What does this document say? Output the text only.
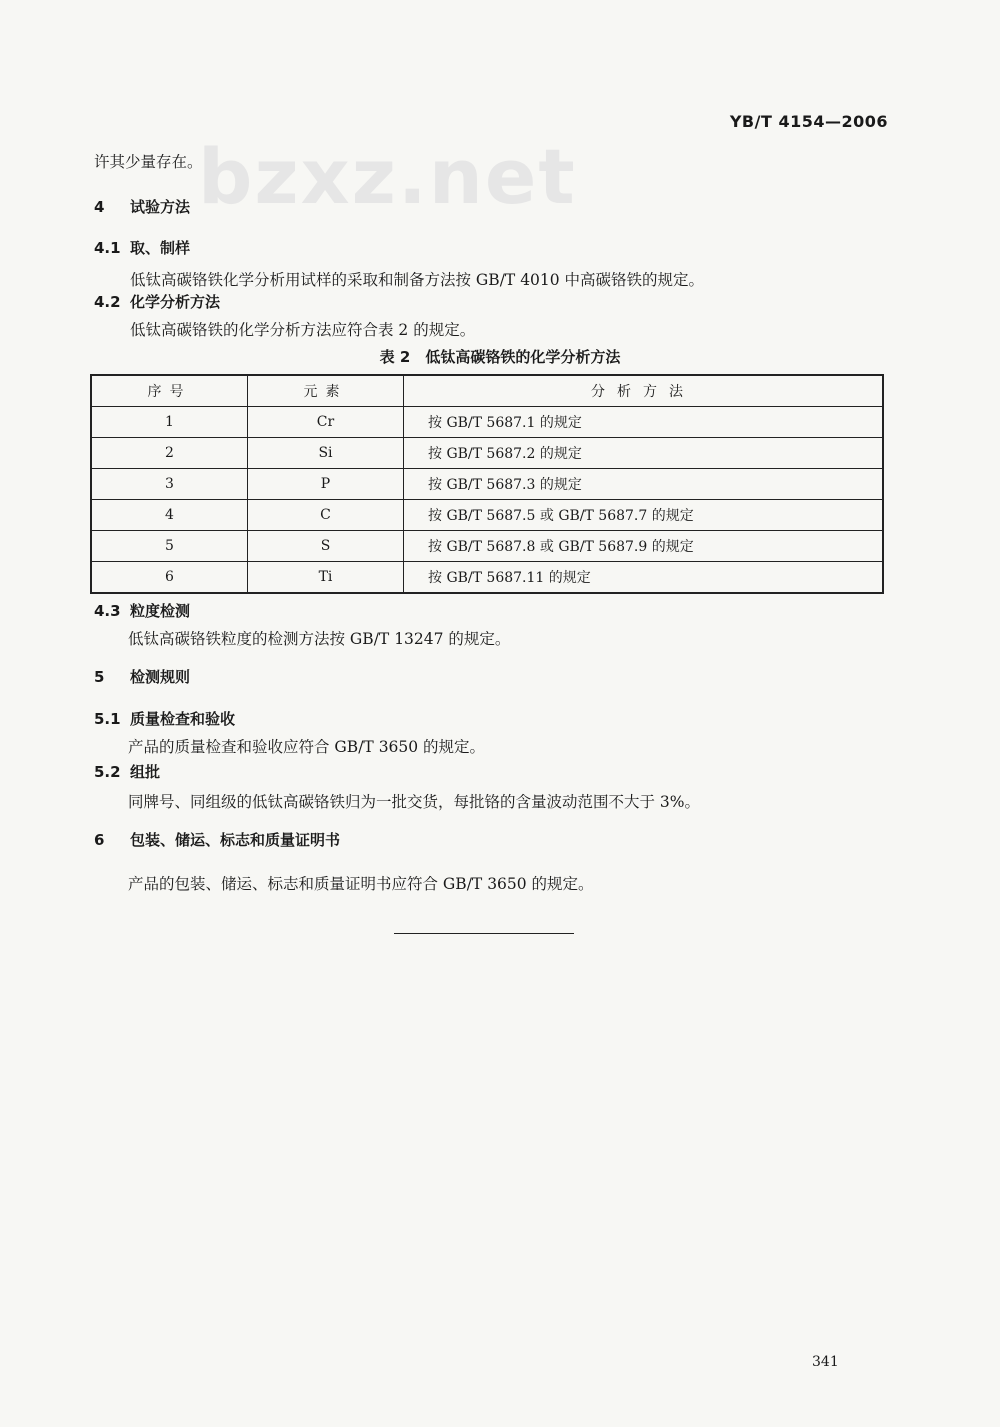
bzxz.net
YB/T 4154—2006
许其少量存在。
4 试验方法
4.1 取、制样
低钛高碳铬铁化学分析用试样的采取和制备方法按 GB/T 4010 中高碳铬铁的规定。
4.2 化学分析方法
低钛高碳铬铁的化学分析方法应符合表 2 的规定。
表 2　低钛高碳铬铁的化学分析方法
序号	元素	分析方法
1	Cr	按 GB/T 5687.1 的规定
2	Si	按 GB/T 5687.2 的规定
3	P	按 GB/T 5687.3 的规定
4	C	按 GB/T 5687.5 或 GB/T 5687.7 的规定
5	S	按 GB/T 5687.8 或 GB/T 5687.9 的规定
6	Ti	按 GB/T 5687.11 的规定
4.3 粒度检测
低钛高碳铬铁粒度的检测方法按 GB/T 13247 的规定。
5 检测规则
5.1 质量检查和验收
产品的质量检查和验收应符合 GB/T 3650 的规定。
5.2 组批
同牌号、同组级的低钛高碳铬铁归为一批交货，每批铬的含量波动范围不大于 3%。
6 包装、储运、标志和质量证明书
产品的包装、储运、标志和质量证明书应符合 GB/T 3650 的规定。
341
